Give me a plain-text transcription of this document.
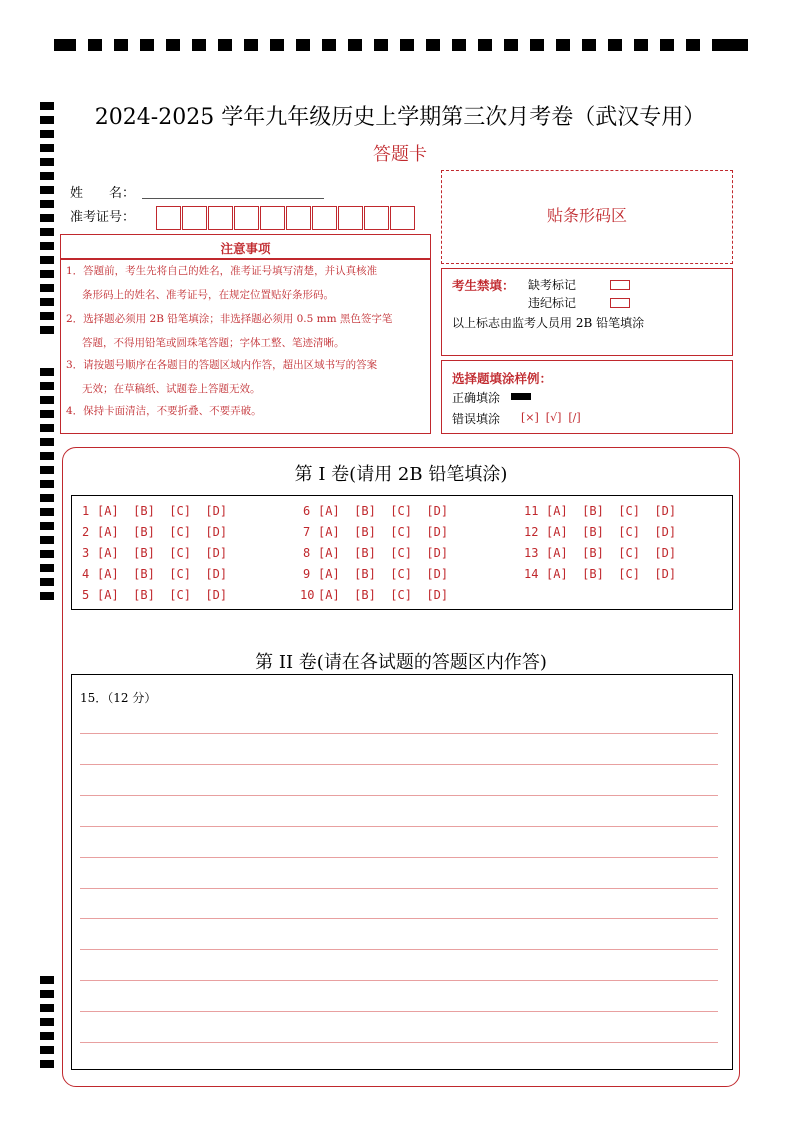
2024-2025 学年九年级历史上学期第三次月考卷（武汉专用）
答题卡
姓　　名：
准考证号：	贴条形码区
注意事项
1．答题前，考生先将自己的姓名，准考证号填写清楚，并认真核准
条形码上的姓名、准考证号，在规定位置贴好条形码。
2．选择题必须用 2B 铅笔填涂；非选择题必须用 0.5 mm 黑色签字笔
答题，不得用铅笔或圆珠笔答题；字体工整、笔迹清晰。
3．请按题号顺序在各题目的答题区域内作答，超出区域书写的答案
无效；在草稿纸、试题卷上答题无效。
4．保持卡面清洁，不要折叠、不要弄破。
考生禁填： 缺考标记
违纪标记
以上标志由监考人员用 2B 铅笔填涂
选择题填涂样例：
正确填涂
错误填涂 [×]  [√]  [/]
第 I 卷(请用 2B 铅笔填涂)
1 [A]  [B]  [C]  [D]
2 [A]  [B]  [C]  [D]
3 [A]  [B]  [C]  [D]
4 [A]  [B]  [C]  [D]
5 [A]  [B]  [C]  [D]
6 [A]  [B]  [C]  [D]
7 [A]  [B]  [C]  [D]
8 [A]  [B]  [C]  [D]
9 [A]  [B]  [C]  [D]
10 [A]  [B]  [C]  [D]
11 [A]  [B]  [C]  [D]
12 [A]  [B]  [C]  [D]
13 [A]  [B]  [C]  [D]
14 [A]  [B]  [C]  [D]
第 II 卷(请在各试题的答题区内作答)
15．（12 分）
